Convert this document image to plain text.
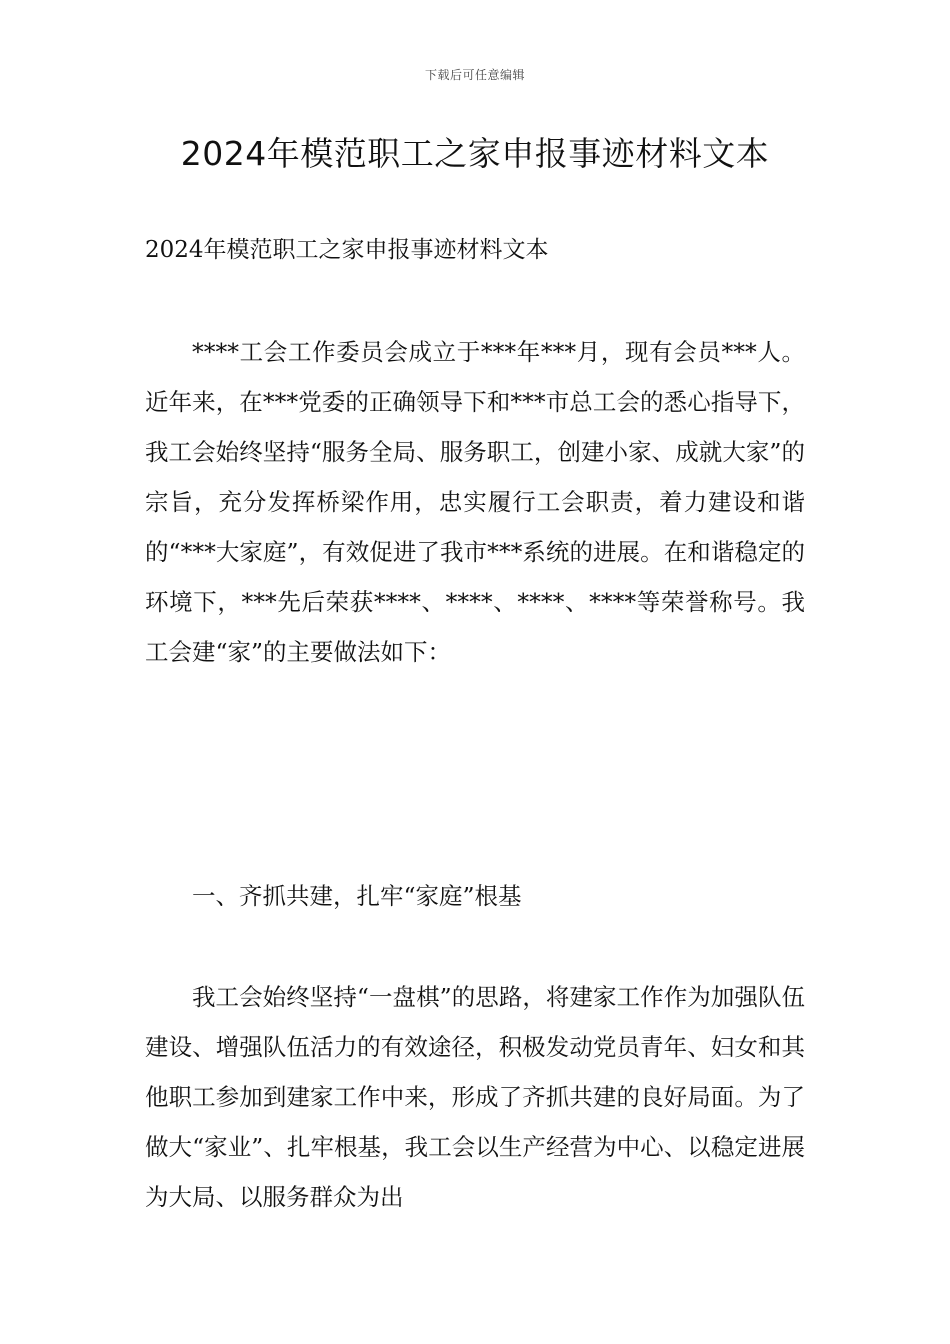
下载后可任意编辑
2024年模范职工之家申报事迹材料文本
2024年模范职工之家申报事迹材料文本

****工会工作委员会成立于***年***月，现有会员***人。近年来，在***党委的正确领导下和***市总工会的悉心指导下，我工会始终坚持“服务全局、服务职工，创建小家、成就大家”的宗旨，充分发挥桥梁作用，忠实履行工会职责，着力建设和谐的“***大家庭”，有效促进了我市***系统的进展。在和谐稳定的环境下，***先后荣获****、****、****、****等荣誉称号。我工会建“家”的主要做法如下：

一、齐抓共建，扎牢“家庭”根基

我工会始终坚持“一盘棋”的思路，将建家工作作为加强队伍建设、增强队伍活力的有效途径，积极发动党员青年、妇女和其他职工参加到建家工作中来，形成了齐抓共建的良好局面。为了做大“家业”、扎牢根基，我工会以生产经营为中心、以稳定进展为大局、以服务群众为出
